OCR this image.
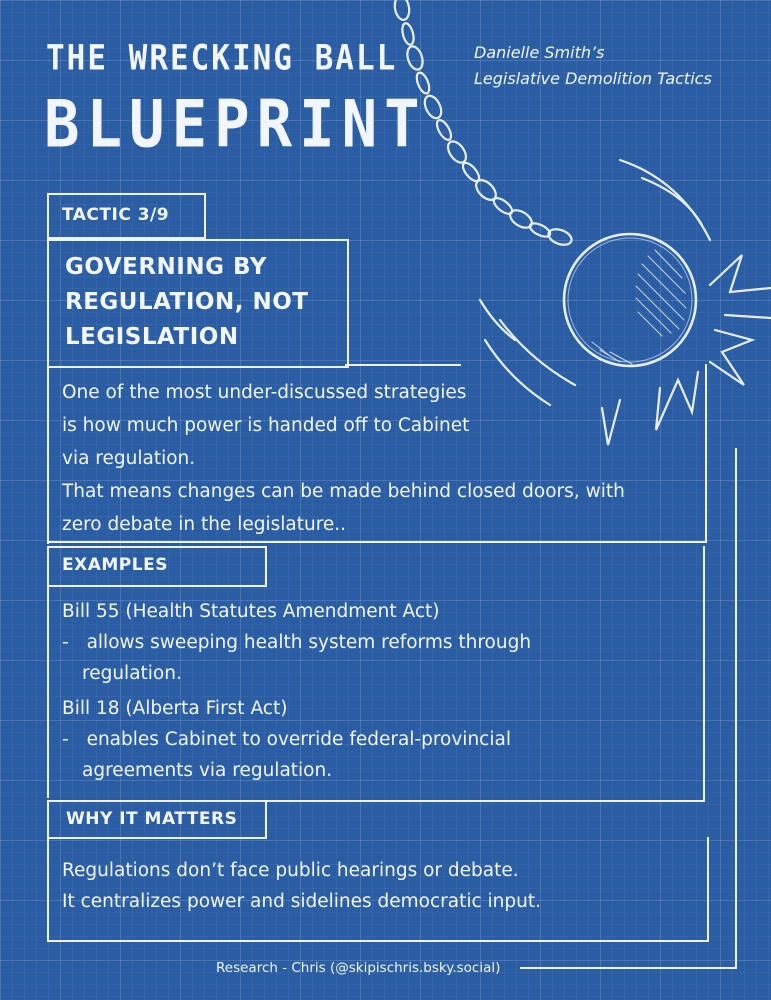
THE WRECKING BALL
BLUEPRINT
Danielle Smith’s
Legislative Demolition Tactics
TACTIC 3/9
GOVERNING BY
REGULATION, NOT
LEGISLATION
One of the most under-discussed strategies
is how much power is handed off to Cabinet
via regulation.
That means changes can be made behind closed doors, with
zero debate in the legislature..
EXAMPLES
Bill 55 (Health Statutes Amendment Act)
- allows sweeping health system reforms through
regulation.
Bill 18 (Alberta First Act)
- enables Cabinet to override federal-provincial
agreements via regulation.
WHY IT MATTERS
Regulations don’t face public hearings or debate.
It centralizes power and sidelines democratic input.
Research - Chris (@skipischris.bsky.social)
